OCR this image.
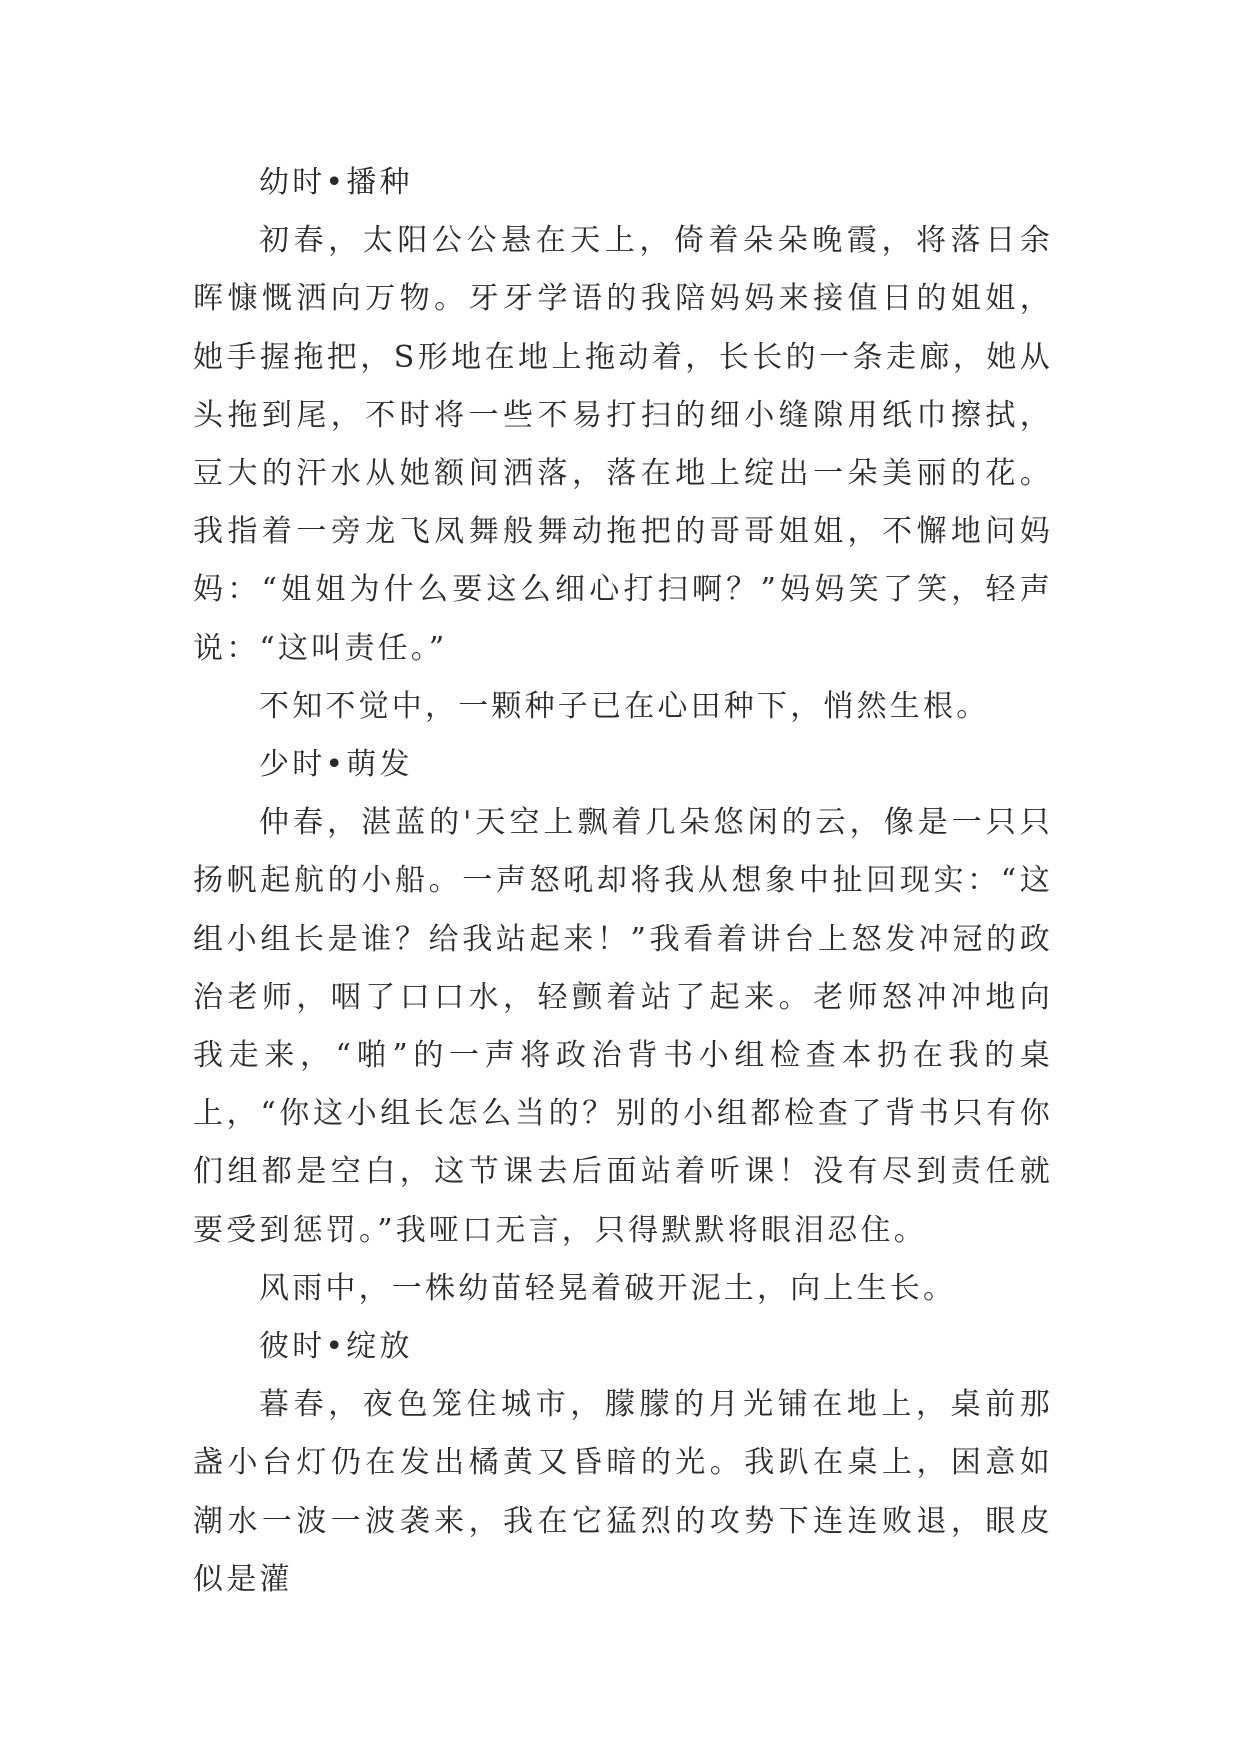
幼时•播种

初春，太阳公公悬在天上，倚着朵朵晚霞，将落日余晖慷慨洒向万物。牙牙学语的我陪妈妈来接值日的姐姐，她手握拖把，S形地在地上拖动着，长长的一条走廊，她从头拖到尾，不时将一些不易打扫的细小缝隙用纸巾擦拭，豆大的汗水从她额间洒落，落在地上绽出一朵美丽的花。我指着一旁龙飞凤舞般舞动拖把的哥哥姐姐，不懈地问妈妈：“姐姐为什么要这么细心打扫啊？”妈妈笑了笑，轻声说：“这叫责任。”

不知不觉中，一颗种子已在心田种下，悄然生根。

少时•萌发

仲春，湛蓝的'天空上飘着几朵悠闲的云，像是一只只扬帆起航的小船。一声怒吼却将我从想象中扯回现实：“这组小组长是谁？给我站起来！”我看着讲台上怒发冲冠的政治老师，咽了口口水，轻颤着站了起来。老师怒冲冲地向我走来，“啪”的一声将政治背书小组检查本扔在我的桌上，“你这小组长怎么当的？别的小组都检查了背书只有你们组都是空白，这节课去后面站着听课！没有尽到责任就要受到惩罚。”我哑口无言，只得默默将眼泪忍住。

风雨中，一株幼苗轻晃着破开泥土，向上生长。

彼时•绽放

暮春，夜色笼住城市，朦朦的月光铺在地上，桌前那盏小台灯仍在发出橘黄又昏暗的光。我趴在桌上，困意如潮水一波一波袭来，我在它猛烈的攻势下连连败退，眼皮似是灌
